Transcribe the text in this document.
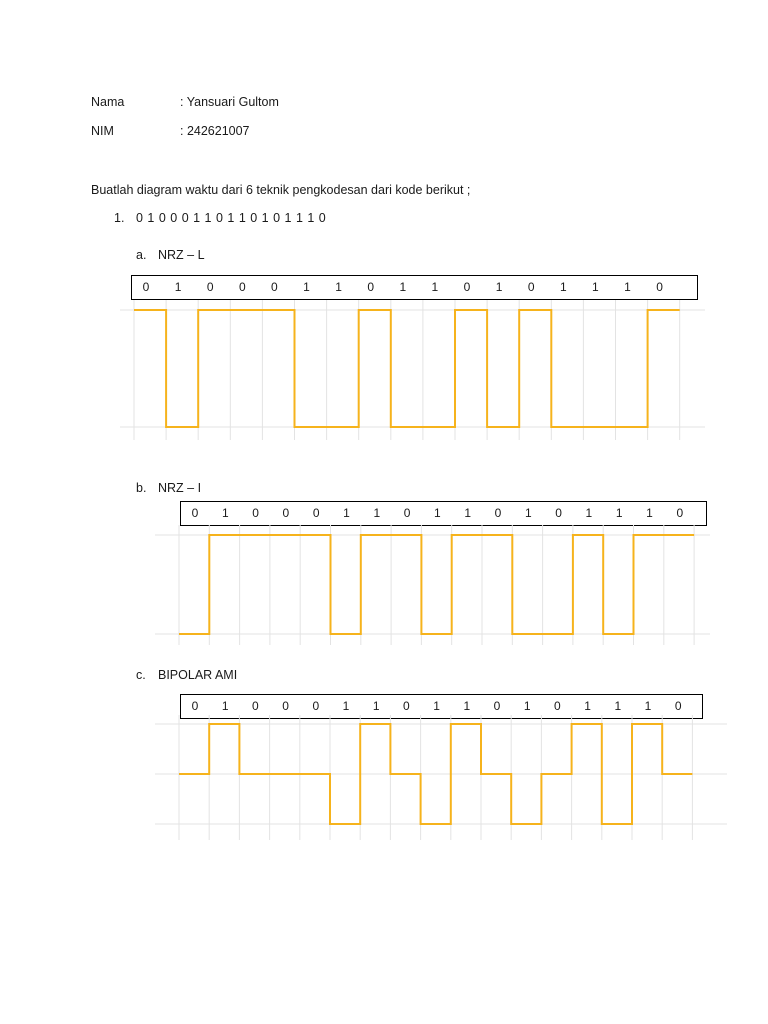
Nama	: Yansuari Gultom
NIM	: 242621007
Buatlah diagram waktu dari 6 teknik pengkodesan dari kode berikut ;
1. 0 1 0 0 0 1 1 0 1 1 0 1 0 1 1 1 0
a. NRZ – L
0 1 0 0 0 1 1 0 1 1 0 1 0 1 1 1 0
b. NRZ – I
0 1 0 0 0 1 1 0 1 1 0 1 0 1 1 1 0
c. BIPOLAR AMI
0 1 0 0 0 1 1 0 1 1 0 1 0 1 1 1 0
